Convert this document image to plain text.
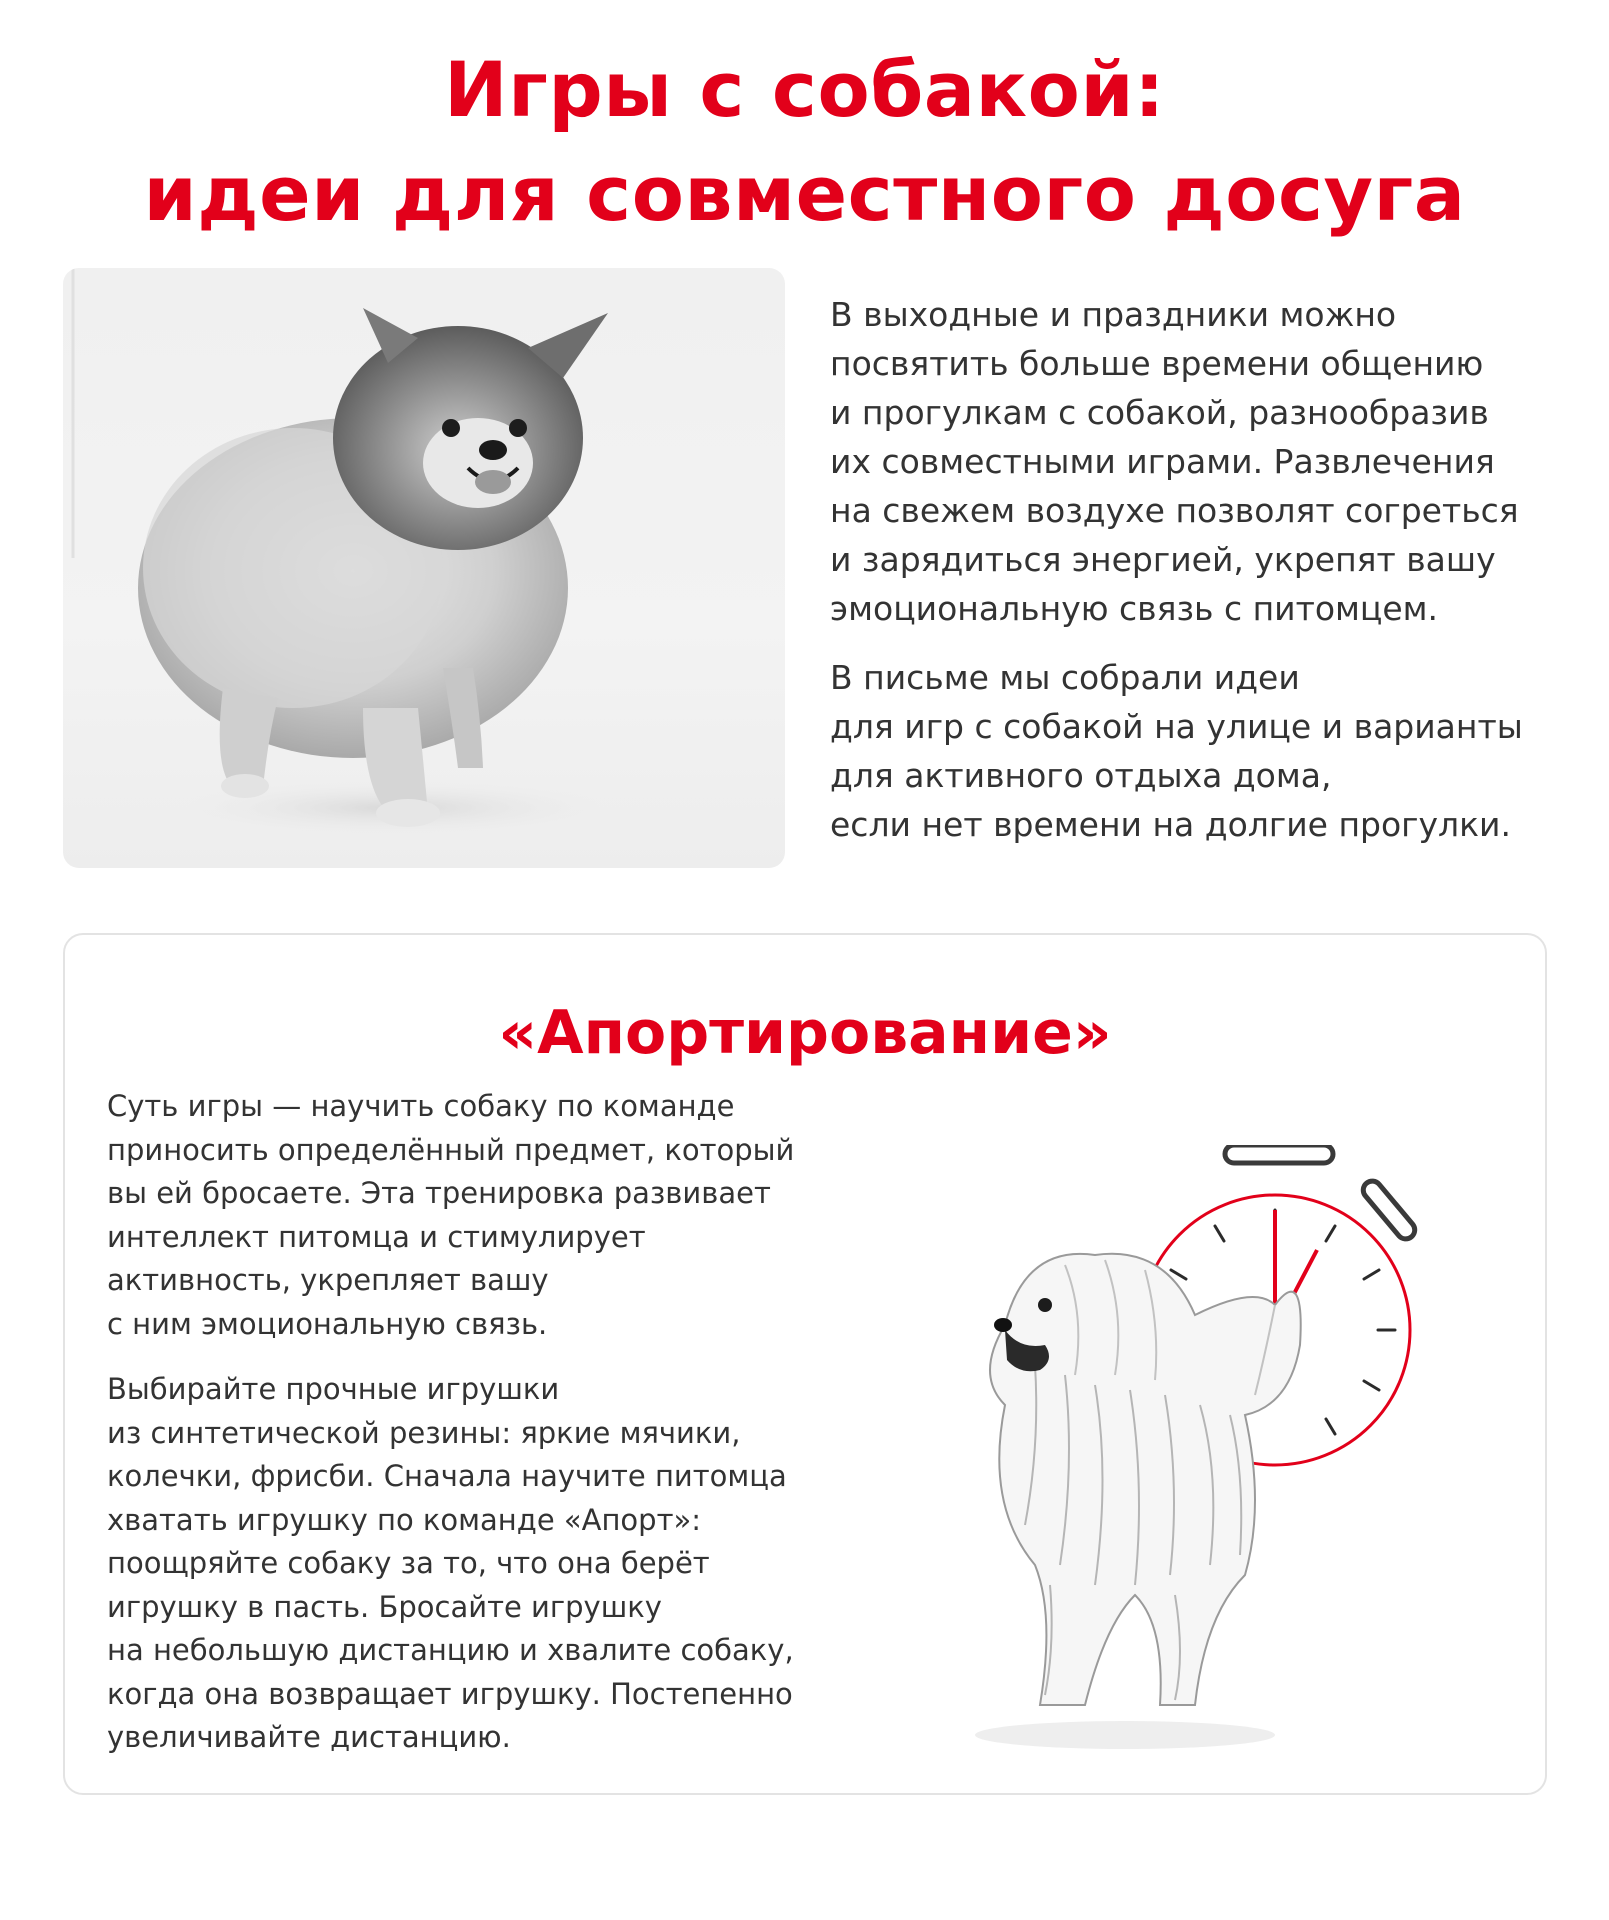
Игры с собакой:
идеи для совместного досуга

В выходные и праздники можно
посвятить больше времени общению
и прогулкам с собакой, разнообразив
их совместными играми. Развлечения
на свежем воздухе позволят согреться
и зарядиться энергией, укрепят вашу
эмоциональную связь с питомцем.

В письме мы собрали идеи
для игр с собакой на улице и варианты
для активного отдыха дома,
если нет времени на долгие прогулки.

«Апортирование»

Суть игры — научить собаку по команде
приносить определённый предмет, который
вы ей бросаете. Эта тренировка развивает
интеллект питомца и стимулирует
активность, укрепляет вашу
с ним эмоциональную связь.

Выбирайте прочные игрушки
из синтетической резины: яркие мячики,
колечки, фрисби. Сначала научите питомца
хватать игрушку по команде «Апорт»:
поощряйте собаку за то, что она берёт
игрушку в пасть. Бросайте игрушку
на небольшую дистанцию и хвалите собаку,
когда она возвращает игрушку. Постепенно
увеличивайте дистанцию.
